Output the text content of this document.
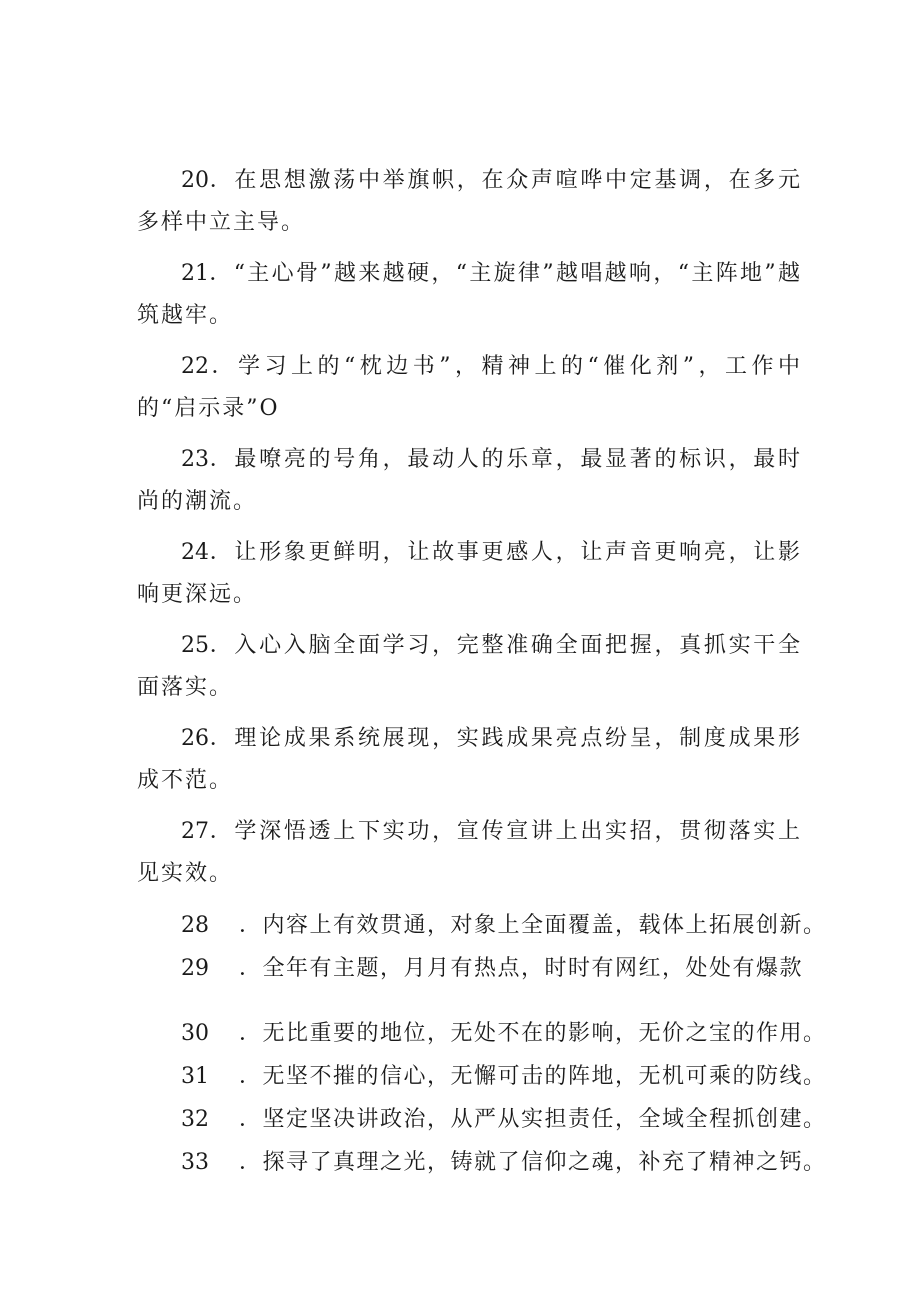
20．在思想激荡中举旗帜，在众声喧哗中定基调，在多元多样中立主导。

21．“主心骨”越来越硬，“主旋律”越唱越响，“主阵地”越筑越牢。

22．学习上的“枕边书”，精神上的“催化剂”，工作中的“启示录”O

23．最嘹亮的号角，最动人的乐章，最显著的标识，最时尚的潮流。

24．让形象更鲜明，让故事更感人，让声音更响亮，让影响更深远。

25．入心入脑全面学习，完整准确全面把握，真抓实干全面落实。

26．理论成果系统展现，实践成果亮点纷呈，制度成果形成不范。

27．学深悟透上下实功，宣传宣讲上出实招，贯彻落实上见实效。

28 ．内容上有效贯通，对象上全面覆盖，载体上拓展创新。

29 ．全年有主题，月月有热点，时时有网红，处处有爆款

30 ．无比重要的地位，无处不在的影响，无价之宝的作用。

31 ．无坚不摧的信心，无懈可击的阵地，无机可乘的防线。

32 ．坚定坚决讲政治，从严从实担责任，全域全程抓创建。

33 ．探寻了真理之光，铸就了信仰之魂，补充了精神之钙。
